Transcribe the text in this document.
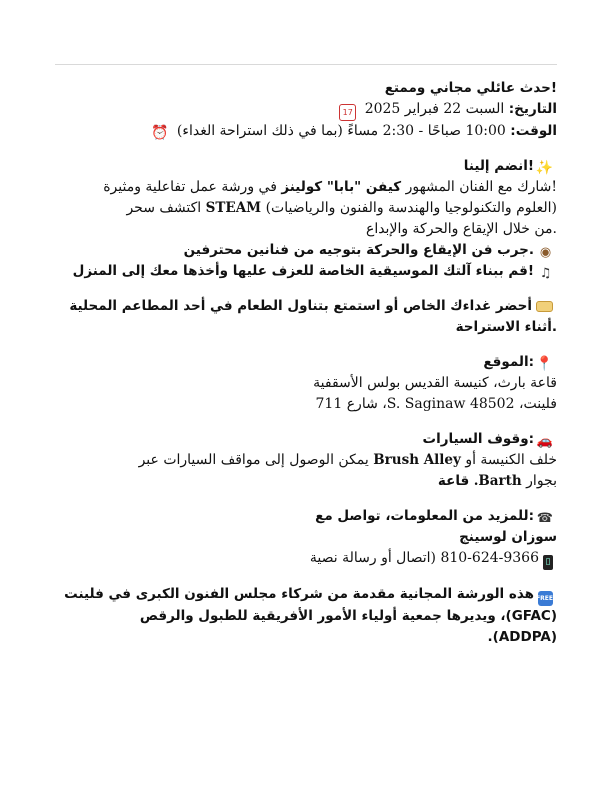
!حدث عائلي مجاني وممتع
التاريخ: السبت 22 فبراير 2025 17
الوقت: 10:00 صباحًا - 2:30 مساءً (بما في ذلك استراحة الغداء) ⏰
✨!انضم إلينا
!شارك مع الفنان المشهور كيفن "بابا" كولينز في ورشة عمل تفاعلية ومثيرة
(العلوم والتكنولوجيا والهندسة والفنون والرياضيات) STEAM اكتشف سحر
.من خلال الإيقاع والحركة والإبداع
◉.جرب فن الإيقاع والحركة بتوجيه من فنانين محترفين
♫!قم ببناء آلتك الموسيقية الخاصة للعزف عليها وأخذها معك إلى المنزل
أحضر غداءك الخاص أو استمتع بتناول الطعام في أحد المطاعم المحلية
.أثناء الاستراحة
📍:الموقع
قاعة بارث، كنيسة القديس بولس الأسقفية
فلينت، 48502 S. Saginaw، شارع 711
🚗:وقوف السيارات
خلف الكنيسة أو Brush Alley يمكن الوصول إلى مواقف السيارات عبر
بجوار Barth. قاعة
☎:للمزيد من المعلومات، تواصل مع
سوزان لوسينج
▯810-624-9366 (اتصال أو رسالة نصية
FREEهذه الورشة المجانية مقدمة من شركاء مجلس الفنون الكبرى في فلينت
(GFAC)، ويديرها جمعية أولياء الأمور الأفريقية للطبول والرقص
(ADDPA).
